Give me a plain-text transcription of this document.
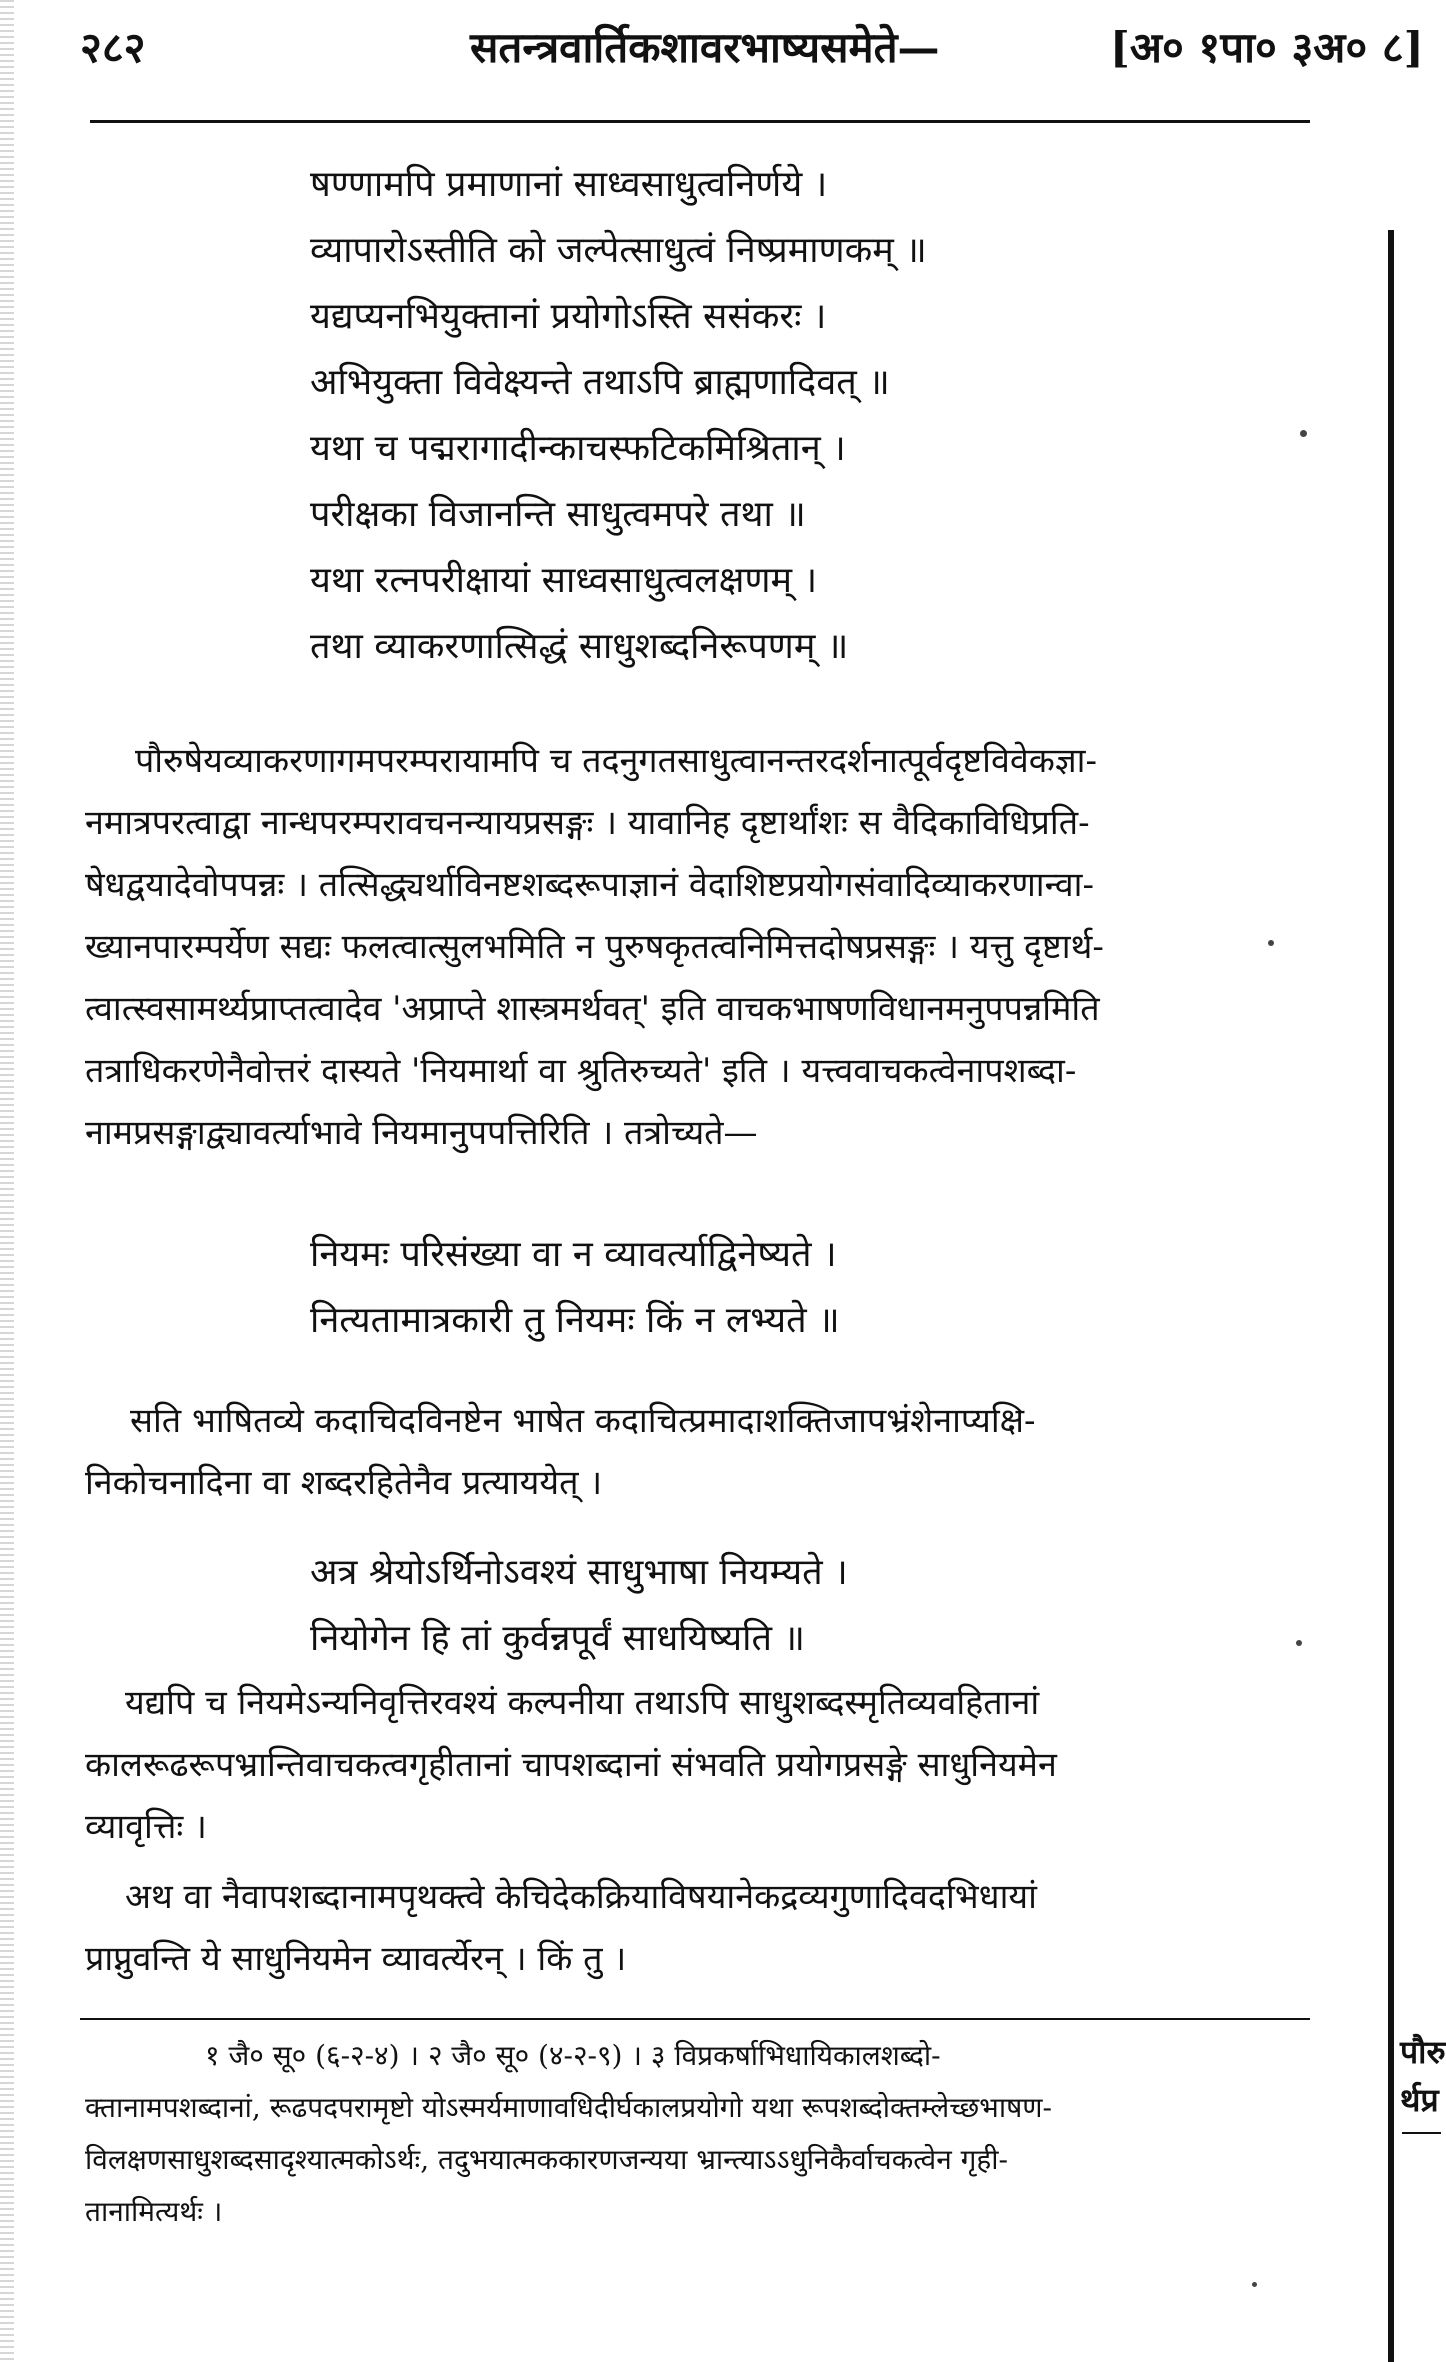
२८२	सतन्त्रवार्तिकशावरभाष्यसमेते—	[अ० १पा० ३अ० ८]
षण्णामपि प्रमाणानां साध्वसाधुत्वनिर्णये ।
व्यापारोऽस्तीति को जल्पेत्साधुत्वं निष्प्रमाणकम् ॥
यद्यप्यनभियुक्तानां प्रयोगोऽस्ति ससंकरः ।
अभियुक्ता विवेक्ष्यन्ते तथाऽपि ब्राह्मणादिवत् ॥
यथा च पद्मरागादीन्काचस्फटिकमिश्रितान् ।
परीक्षका विजानन्ति साधुत्वमपरे तथा ॥
यथा रत्नपरीक्षायां साध्वसाधुत्वलक्षणम् ।
तथा व्याकरणात्सिद्धं साधुशब्दनिरूपणम् ॥
पौरुषेयव्याकरणागमपरम्परायामपि च तदनुगतसाधुत्वानन्तरदर्शनात्पूर्वदृष्टविवेकज्ञा-
नमात्रपरत्वाद्वा नान्धपरम्परावचनन्यायप्रसङ्गः । यावानिह दृष्टार्थांशः स वैदिकाविधिप्रति-
षेधद्वयादेवोपपन्नः । तत्सिद्ध्यर्थाविनष्टशब्दरूपाज्ञानं वेदाशिष्टप्रयोगसंवादिव्याकरणान्वा-
ख्यानपारम्पर्येण सद्यः फलत्वात्सुलभमिति न पुरुषकृतत्वनिमित्तदोषप्रसङ्गः । यत्तु दृष्टार्थ-
त्वात्स्वसामर्थ्यप्राप्तत्वादेव 'अप्राप्ते शास्त्रमर्थवत्' इति वाचकभाषणविधानमनुपपन्नमिति
तत्राधिकरणेनैवोत्तरं दास्यते 'नियमार्था वा श्रुतिरुच्यते' इति । यत्त्ववाचकत्वेनापशब्दा-
नामप्रसङ्गाद्व्यावर्त्याभावे नियमानुपपत्तिरिति । तत्रोच्यते—
नियमः परिसंख्या वा न व्यावर्त्याद्विनेष्यते ।
नित्यतामात्रकारी तु नियमः किं न लभ्यते ॥
सति भाषितव्ये कदाचिदविनष्टेन भाषेत कदाचित्प्रमादाशक्तिजापभ्रंशेनाप्यक्षि-
निकोचनादिना वा शब्दरहितेनैव प्रत्याययेत् ।
अत्र श्रेयोऽर्थिनोऽवश्यं साधुभाषा नियम्यते ।
नियोगेन हि तां कुर्वन्नपूर्वं साधयिष्यति ॥
यद्यपि च नियमेऽन्यनिवृत्तिरवश्यं कल्पनीया तथाऽपि साधुशब्दस्मृतिव्यवहितानां
कालरूढरूपभ्रान्तिवाचकत्वगृहीतानां चापशब्दानां संभवति प्रयोगप्रसङ्गे साधुनियमेन
व्यावृत्तिः ।
अथ वा नैवापशब्दानामपृथक्त्वे केचिदेकक्रियाविषयानेकद्रव्यगुणादिवदभिधायां
प्राप्नुवन्ति ये साधुनियमेन व्यावर्त्येरन् । किं तु ।
१ जै० सू० (६-२-४) । २ जै० सू० (४-२-९) । ३ विप्रकर्षाभिधायिकालशब्दो-
क्तानामपशब्दानां, रूढपदपरामृष्टो योऽस्मर्यमाणावधिदीर्घकालप्रयोगो यथा रूपशब्दोक्तम्लेच्छभाषण-
विलक्षणसाधुशब्दसादृश्यात्मकोऽर्थः, तदुभयात्मककारणजन्यया भ्रान्त्याऽऽधुनिकैर्वाचकत्वेन गृही-
तानामित्यर्थः ।
पौरु
र्थप्र
